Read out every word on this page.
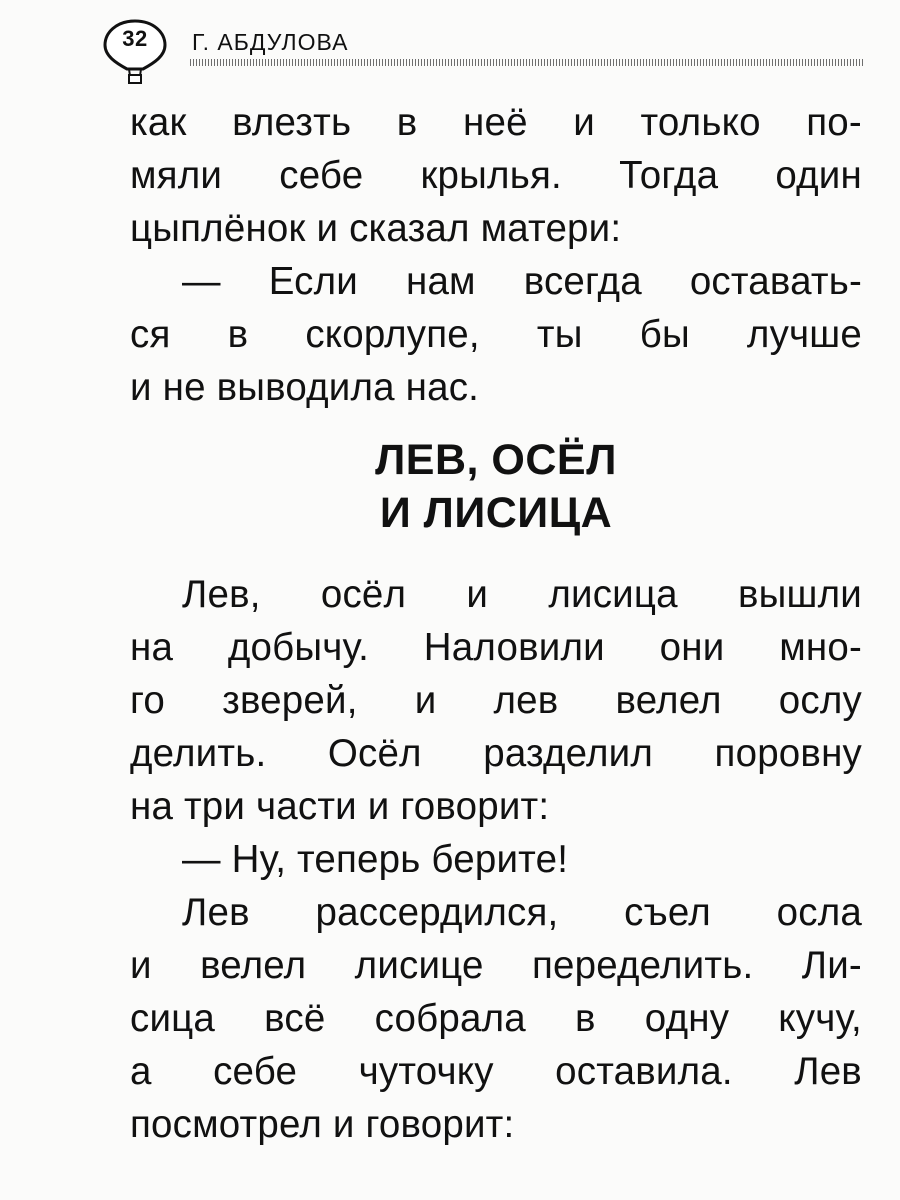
32	Г. АБДУЛОВА
как влезть в неё и только по-
мяли себе крылья. Тогда один
цыплёнок и сказал матери:
— Если нам всегда оставать-
ся в скорлупе, ты бы лучше
и не выводила нас.
ЛЕВ, ОСЁЛ
И ЛИСИЦА
Лев, осёл и лисица вышли
на добычу. Наловили они мно-
го зверей, и лев велел ослу
делить. Осёл разделил поровну
на три части и говорит:
— Ну, теперь берите!
Лев рассердился, съел осла
и велел лисице переделить. Ли-
сица всё собрала в одну кучу,
а себе чуточку оставила. Лев
посмотрел и говорит:
